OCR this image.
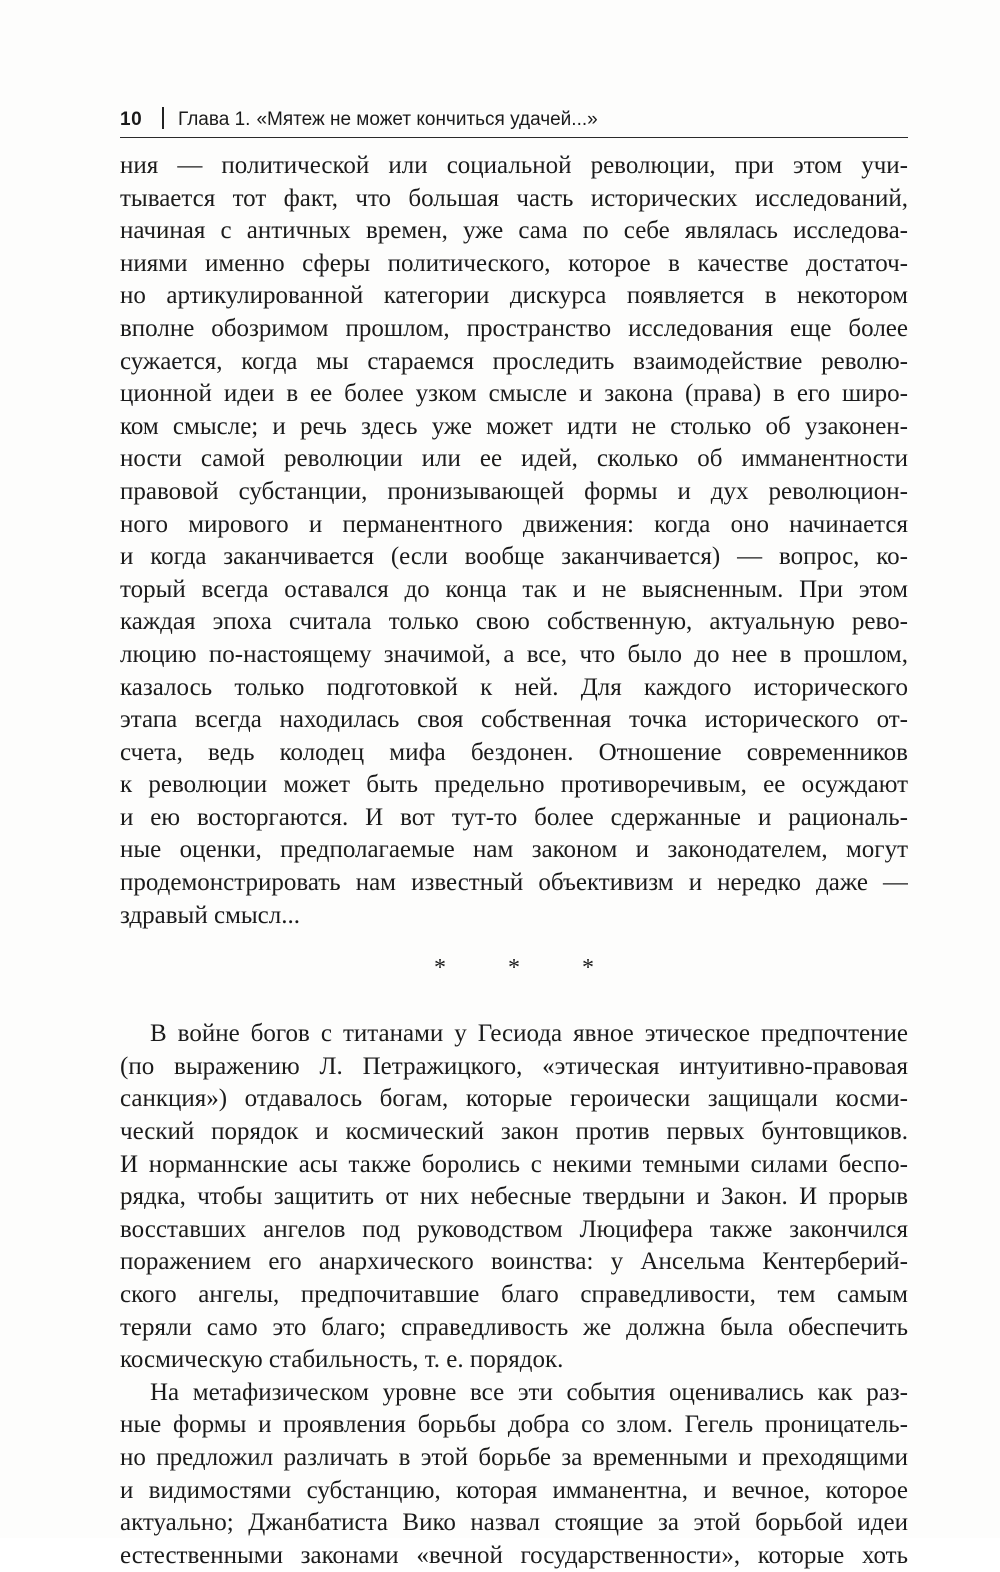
10 Глава 1. «Мятеж не может кончиться удачей...»
ния — политической или социальной революции, при этом учи-
тывается тот факт, что большая часть исторических исследований,
начиная с античных времен, уже сама по себе являлась исследова-
ниями именно сферы политического, которое в качестве достаточ-
но артикулированной категории дискурса появляется в некотором
вполне обозримом прошлом, пространство исследования еще более
сужается, когда мы стараемся проследить взаимодействие револю-
ционной идеи в ее более узком смысле и закона (права) в его широ-
ком смысле; и речь здесь уже может идти не столько об узаконен-
ности самой революции или ее идей, сколько об имманентности
правовой субстанции, пронизывающей формы и дух революцион-
ного мирового и перманентного движения: когда оно начинается
и когда заканчивается (если вообще заканчивается) — вопрос, ко-
торый всегда оставался до конца так и не выясненным. При этом
каждая эпоха считала только свою собственную, актуальную рево-
люцию по-настоящему значимой, а все, что было до нее в прошлом,
казалось только подготовкой к ней. Для каждого исторического
этапа всегда находилась своя собственная точка исторического от-
счета, ведь колодец мифа бездонен. Отношение современников
к революции может быть предельно противоречивым, ее осуждают
и ею восторгаются. И вот тут-то более сдержанные и рациональ-
ные оценки, предполагаемые нам законом и законодателем, могут
продемонстрировать нам известный объективизм и нередко даже —
здравый смысл...
*	*	*
В войне богов с титанами у Гесиода явное этическое предпочтение
(по выражению Л. Петражицкого, «этическая интуитивно-правовая
санкция») отдавалось богам, которые героически защищали косми-
ческий порядок и космический закон против первых бунтовщиков.
И норманнские асы также боролись с некими темными силами беспо-
рядка, чтобы защитить от них небесные твердыни и Закон. И прорыв
восставших ангелов под руководством Люцифера также закончился
поражением его анархического воинства: у Ансельма Кентерберий-
ского ангелы, предпочитавшие благо справедливости, тем самым
теряли само это благо; справедливость же должна была обеспечить
космическую стабильность, т. е. порядок.
На метафизическом уровне все эти события оценивались как раз-
ные формы и проявления борьбы добра со злом. Гегель проницатель-
но предложил различать в этой борьбе за временными и преходящими
и видимостями субстанцию, которая имманентна, и вечное, которое
актуально; Джанбатиста Вико назвал стоящие за этой борьбой идеи
естественными законами «вечной государственности», которые хоть
